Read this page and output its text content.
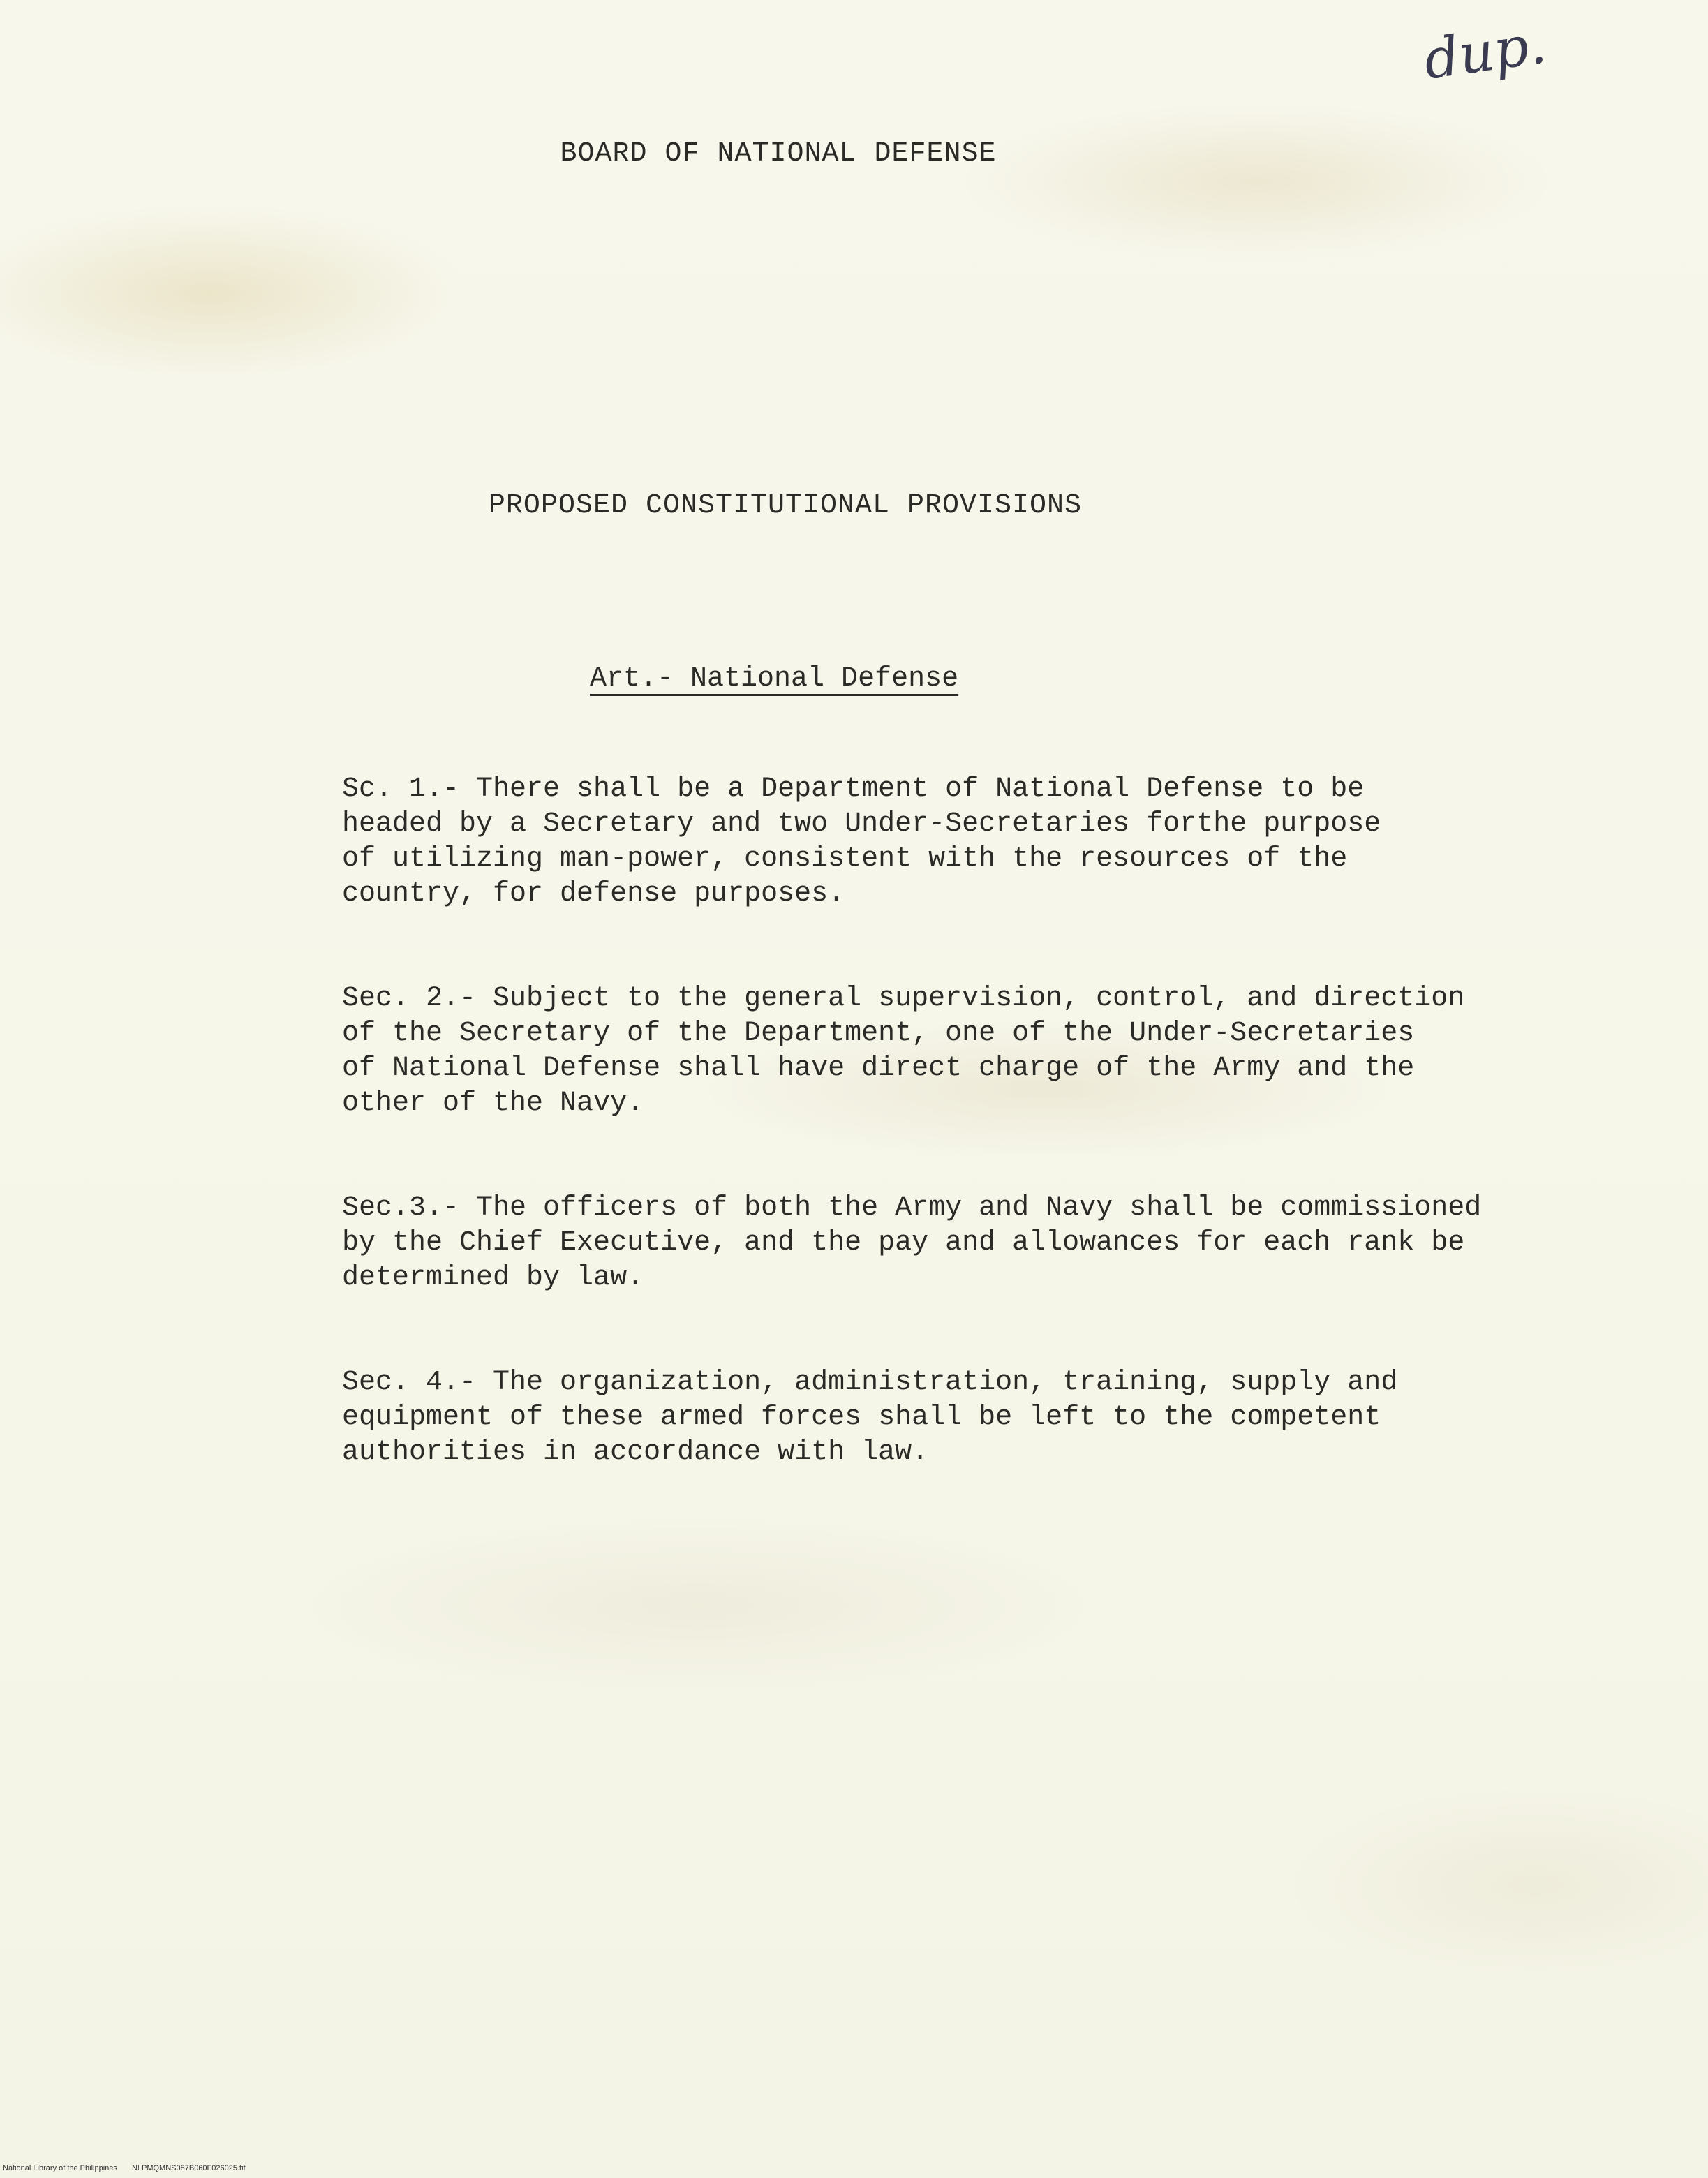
dup.
BOARD OF NATIONAL DEFENSE
PROPOSED CONSTITUTIONAL PROVISIONS
Art.- National Defense

Sc. 1.- There shall be a Department of National Defense to be
headed by a Secretary and two Under-Secretaries forthe purpose
of utilizing man-power, consistent with the resources of the
country, for defense purposes.

Sec. 2.- Subject to the general supervision, control, and direction
of the Secretary of the Department, one of the Under-Secretaries
of National Defense shall have direct charge of the Army and the
other of the Navy.

Sec.3.- The officers of both the Army and Navy shall be commissioned
by the Chief Executive, and the pay and allowances for each rank be
determined by law.

Sec. 4.- The organization, administration, training, supply and
equipment of these armed forces shall be left to the competent
authorities in accordance with law.

National Library of the Philippines NLPMQMNS087B060F026025.tif
